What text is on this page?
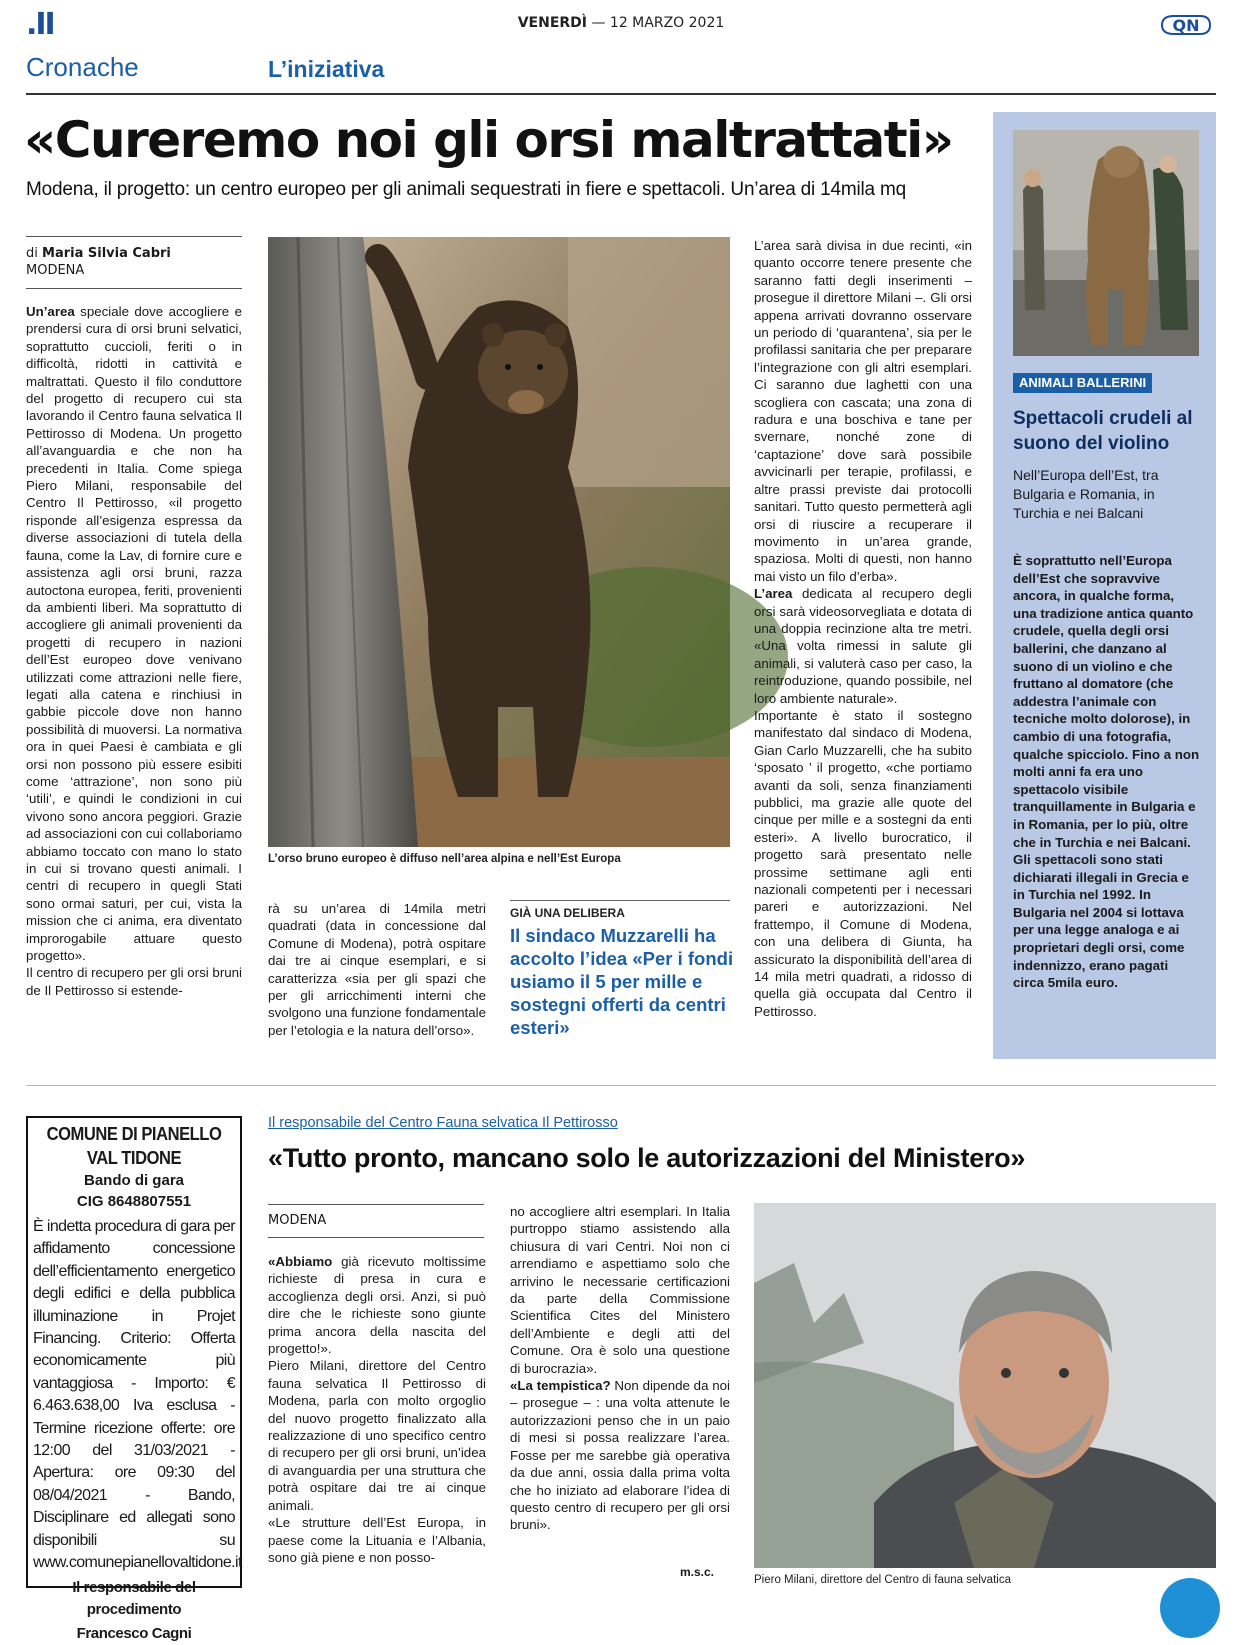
.II	VENERDÌ — 12 MARZO 2021	QN
Cronache	L’iniziativa
«Cureremo noi gli orsi maltrattati»
Modena, il progetto: un centro europeo per gli animali sequestrati in fiere e spettacoli. Un’area di 14mila mq
di Maria Silvia Cabri
MODENA

Un’area speciale dove accogliere e prendersi cura di orsi bruni selvatici, soprattutto cuccioli, feriti o in difficoltà, ridotti in cattività e maltrattati. Questo il filo conduttore del progetto di recupero cui sta lavorando il Centro fauna selvatica Il Pettirosso di Modena. Un progetto all’avanguardia e che non ha precedenti in Italia. Come spiega Piero Milani, responsabile del Centro Il Pettirosso, «il progetto risponde all’esigenza espressa da diverse associazioni di tutela della fauna, come la Lav, di fornire cure e assistenza agli orsi bruni, razza autoctona europea, feriti, provenienti da ambienti liberi. Ma soprattutto di accogliere gli animali provenienti da progetti di recupero in nazioni dell’Est europeo dove venivano utilizzati come attrazioni nelle fiere, legati alla catena e rinchiusi in gabbie piccole dove non hanno possibilità di muoversi. La normativa ora in quei Paesi è cambiata e gli orsi non possono più essere esibiti come ‘attrazione’, non sono più ‘utili’, e quindi le condizioni in cui vivono sono ancora peggiori. Grazie ad associazioni con cui collaboriamo abbiamo toccato con mano lo stato in cui si trovano questi animali. I centri di recupero in quegli Stati sono ormai saturi, per cui, vista la mission che ci anima, era diventato improrogabile attuare questo progetto».

Il centro di recupero per gli orsi bruni de Il Pettirosso si estende-

L’orso bruno europeo è diffuso nell’area alpina e nell’Est Europa
rà su un’area di 14mila metri quadrati (data in concessione dal Comune di Modena), potrà ospitare dai tre ai cinque esemplari, e si caratterizza «sia per gli spazi che per gli arricchimenti interni che svolgono una funzione fondamentale per l’etologia e la natura dell’orso».
GIÀ UNA DELIBERA
Il sindaco Muzzarelli ha accolto l’idea «Per i fondi usiamo il 5 per mille e sostegni offerti da centri esteri»

L’area sarà divisa in due recinti, «in quanto occorre tenere presente che saranno fatti degli inserimenti – prosegue il direttore Milani –. Gli orsi appena arrivati dovranno osservare un periodo di ‘quarantena’, sia per le profilassi sanitaria che per preparare l’integrazione con gli altri esemplari. Ci saranno due laghetti con una scogliera con cascata; una zona di radura e una boschiva e tane per svernare, nonché zone di ‘captazione’ dove sarà possibile avvicinarli per terapie, profilassi, e altre prassi previste dai protocolli sanitari. Tutto questo permetterà agli orsi di riuscire a recuperare il movimento in un’area grande, spaziosa. Molti di questi, non hanno mai visto un filo d’erba».

L’area dedicata al recupero degli orsi sarà videosorvegliata e dotata di una doppia recinzione alta tre metri. «Una volta rimessi in salute gli animali, si valuterà caso per caso, la reintroduzione, quando possibile, nel loro ambiente naturale».

Importante è stato il sostegno manifestato dal sindaco di Modena, Gian Carlo Muzzarelli, che ha subito ‘sposato ’ il progetto, «che portiamo avanti da soli, senza finanziamenti pubblici, ma grazie alle quote del cinque per mille e a sostegni da enti esteri». A livello burocratico, il progetto sarà presentato nelle prossime settimane agli enti nazionali competenti per i necessari pareri e autorizzazioni. Nel frattempo, il Comune di Modena, con una delibera di Giunta, ha assicurato la disponibilità dell’area di 14 mila metri quadrati, a ridosso di quella già occupata dal Centro il Pettirosso.

ANIMALI BALLERINI
Spettacoli crudeli al suono del violino
Nell’Europa dell’Est, tra Bulgaria e Romania, in Turchia e nei Balcani
È soprattutto nell’Europa dell’Est che sopravvive ancora, in qualche forma, una tradizione antica quanto crudele, quella degli orsi ballerini, che danzano al suono di un violino e che fruttano al domatore (che addestra l’animale con tecniche molto dolorose), in cambio di una fotografia, qualche spicciolo. Fino a non molti anni fa era uno spettacolo visibile tranquillamente in Bulgaria e in Romania, per lo più, oltre che in Turchia e nei Balcani. Gli spettacoli sono stati dichiarati illegali in Grecia e in Turchia nel 1992. In Bulgaria nel 2004 si lottava per una legge analoga e ai proprietari degli orsi, come indennizzo, erano pagati circa 5mila euro.
COMUNE DI PIANELLO
VAL TIDONE
Bando di gara
CIG 8648807551
È indetta procedura di gara per affidamento concessione dell’efficientamento energetico degli edifici e della pubblica illuminazione in Projet Financing. Criterio: Offerta economicamente più vantaggiosa - Importo: € 6.463.638,00 Iva esclusa - Termine ricezione offerte: ore 12:00 del 31/03/2021 - Apertura: ore 09:30 del 08/04/2021 - Bando, Disciplinare ed allegati sono disponibili su www.comunepianellovaltidone.it
Il responsabile del procedimento
Francesco Cagni
Il responsabile del Centro Fauna selvatica Il Pettirosso
«Tutto pronto, mancano solo le autorizzazioni del Ministero»
MODENA

«Abbiamo già ricevuto moltissime richieste di presa in cura e accoglienza degli orsi. Anzi, si può dire che le richieste sono giunte prima ancora della nascita del progetto!».

Piero Milani, direttore del Centro fauna selvatica Il Pettirosso di Modena, parla con molto orgoglio del nuovo progetto finalizzato alla realizzazione di uno specifico centro di recupero per gli orsi bruni, un’idea di avanguardia per una struttura che potrà ospitare dai tre ai cinque animali.

«Le strutture dell’Est Europa, in paese come la Lituania e l’Albania, sono già piene e non posso-

no accogliere altri esemplari. In Italia purtroppo stiamo assistendo alla chiusura di vari Centri. Noi non ci arrendiamo e aspettiamo solo che arrivino le necessarie certificazioni da parte della Commissione Scientifica Cites del Ministero dell’Ambiente e degli atti del Comune. Ora è solo una questione di burocrazia».

«La tempistica? Non dipende da noi – prosegue – : una volta attenute le autorizzazioni penso che in un paio di mesi si possa realizzare l’area. Fosse per me sarebbe già operativa da due anni, ossia dalla prima volta che ho iniziato ad elaborare l’idea di questo centro di recupero per gli orsi bruni».

m.s.c.
Piero Milani, direttore del Centro di fauna selvatica
